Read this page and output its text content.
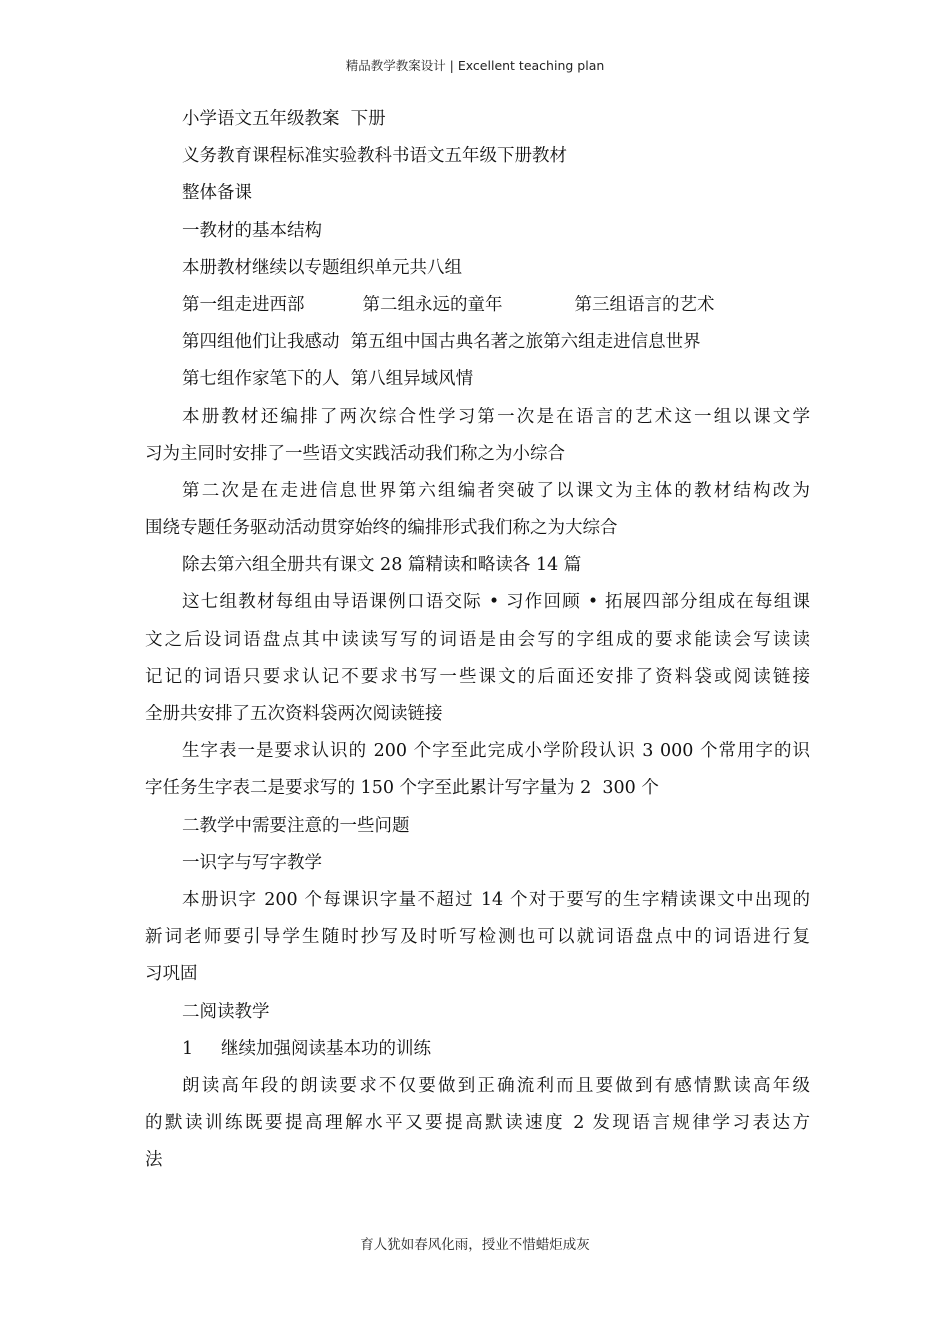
精品教学教案设计 | Excellent teaching plan
小学语文五年级教案  下册
义务教育课程标准实验教科书语文五年级下册教材
整体备课
一教材的基本结构
本册教材继续以专题组织单元共八组
第一组走进西部	第二组永远的童年	第三组语言的艺术
第四组他们让我感动  第五组中国古典名著之旅第六组走进信息世界
第七组作家笔下的人  第八组异域风情
本册教材还编排了两次综合性学习第一次是在语言的艺术这一组以课文学
习为主同时安排了一些语文实践活动我们称之为小综合
第二次是在走进信息世界第六组编者突破了以课文为主体的教材结构改为
围绕专题任务驱动活动贯穿始终的编排形式我们称之为大综合
除去第六组全册共有课文 28 篇精读和略读各 14 篇
这七组教材每组由导语课例口语交际 • 习作回顾 • 拓展四部分组成在每组课
文之后设词语盘点其中读读写写的词语是由会写的字组成的要求能读会写读读
记记的词语只要求认记不要求书写一些课文的后面还安排了资料袋或阅读链接
全册共安排了五次资料袋两次阅读链接
生字表一是要求认识的 200 个字至此完成小学阶段认识 3 000 个常用字的识
字任务生字表二是要求写的 150 个字至此累计写字量为 2  300 个
二教学中需要注意的一些问题
一识字与写字教学
本册识字 200 个每课识字量不超过 14 个对于要写的生字精读课文中出现的
新词老师要引导学生随时抄写及时听写检测也可以就词语盘点中的词语进行复
习巩固
二阅读教学
1     继续加强阅读基本功的训练
朗读高年段的朗读要求不仅要做到正确流利而且要做到有感情默读高年级
的默读训练既要提高理解水平又要提高默读速度 2 发现语言规律学习表达方
法
育人犹如春风化雨，授业不惜蜡炬成灰
